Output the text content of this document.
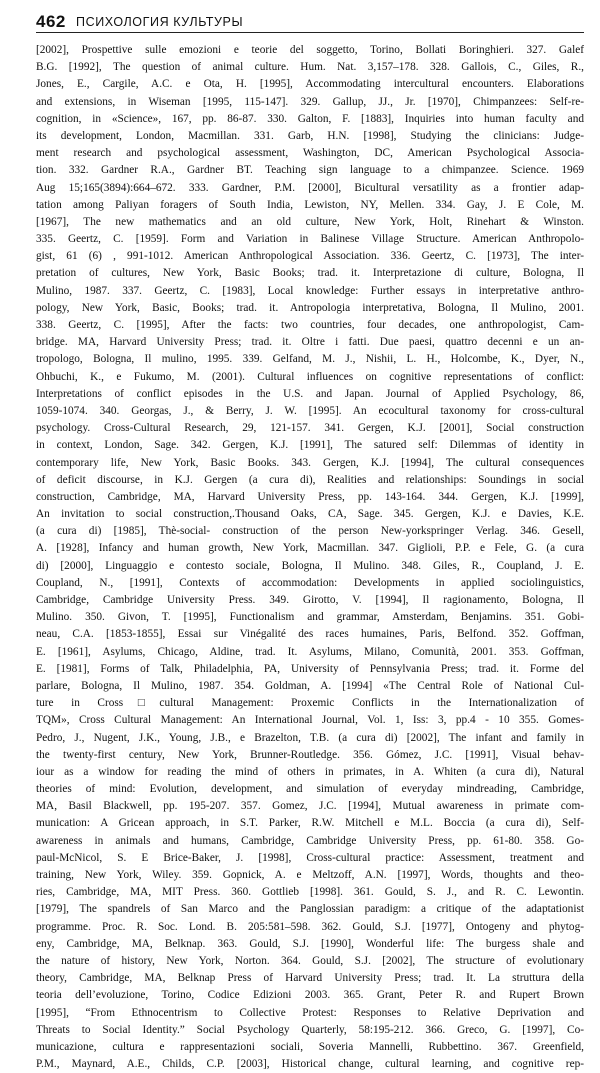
462 ПСИХОЛОГИЯ КУЛЬТУРЫ
[2002], Prospettive sulle emozioni e teorie del soggetto, Torino, Bollati Boringhieri. 327. Galef
B.G. [1992], The question of animal culture. Hum. Nat. 3,157–178. 328. Gallois, C., Giles, R.,
Jones, E., Cargile, A.C. e Ota, H. [1995], Accommodating intercultural encounters. Elaborations
and extensions, in Wiseman [1995, 115-147]. 329. Gallup, JJ., Jr. [1970], Chimpanzees: Self-re-
cognition, in «Science», 167, pp. 86-87. 330. Galton, F. [1883], Inquiries into human faculty and
its development, London, Macmillan. 331. Garb, H.N. [1998], Studying the clinicians: Judge-
ment research and psychological assessment, Washington, DC, American Psychological Associa-
tion. 332. Gardner R.A., Gardner BT. Teaching sign language to a chimpanzee. Science. 1969
Aug 15;165(3894):664–672. 333. Gardner, P.M. [2000], Bicultural versatility as a frontier adap-
tation among Paliyan foragers of South India, Lewiston, NY, Mellen. 334. Gay, J. E Cole, M.
[1967], The new mathematics and an old culture, New York, Holt, Rinehart & Winston.
335. Geertz, C. [1959]. Form and Variation in Balinese Village Structure. American Anthropolo-
gist, 61 (6) , 991-1012. American Anthropological Association. 336. Geertz, C. [1973], The inter-
pretation of cultures, New York, Basic Books; trad. it. Interpretazione di culture, Bologna, Il
Mulino, 1987. 337. Geertz, C. [1983], Local knowledge: Further essays in interpretative anthro-
pology, New York, Basic, Books; trad. it. Antropologia interpretativa, Bologna, Il Mulino, 2001.
338. Geertz, C. [1995], After the facts: two countries, four decades, one anthropologist, Cam-
bridge. MA, Harvard University Press; trad. it. Oltre i fatti. Due paesi, quattro decenni e un an-
tropologo, Bologna, Il mulino, 1995. 339. Gelfand, M. J., Nishii, L. H., Holcombe, K., Dyer, N.,
Ohbuchi, K., e Fukumo, M. (2001). Cultural influences on cognitive representations of conflict:
Interpretations of conflict episodes in the U.S. and Japan. Journal of Applied Psychology, 86,
1059-1074. 340. Georgas, J., & Berry, J. W. [1995]. An ecocultural taxonomy for cross-cultural
psychology. Cross-Cultural Research, 29, 121-157. 341. Gergen, K.J. [2001], Social construction
in context, London, Sage. 342. Gergen, K.J. [1991], The satured self: Dilemmas of identity in
contemporary life, New York, Basic Books. 343. Gergen, K.J. [1994], The cultural consequences
of deficit discourse, in K.J. Gergen (a cura di), Realities and relationships: Soundings in social
construction, Cambridge, MA, Harvard University Press, pp. 143-164. 344. Gergen, K.J. [1999],
An invitation to social construction,.Thousand Oaks, CA, Sage. 345. Gergen, K.J. e Davies, K.E.
(a cura di) [1985], Thè-social- construction of the person New-yorkspringer Verlag. 346. Gesell,
A. [1928], Infancy and human growth, New York, Macmillan. 347. Giglioli, P.P. e Fele, G. (a cura
di) [2000], Linguaggio e contesto sociale, Bologna, Il Mulino. 348. Giles, R., Coupland, J. E.
Coupland, N., [1991], Contexts of accommodation: Developments in applied sociolinguistics,
Cambridge, Cambridge University Press. 349. Girotto, V. [1994], Il ragionamento, Bologna, Il
Mulino. 350. Givon, T. [1995], Functionalism and grammar, Amsterdam, Benjamins. 351. Gobi-
neau, C.A. [1853-1855], Essai sur Vinégalité des races humaines, Paris, Belfond. 352. Goffman,
E. [1961], Asylums, Chicago, Aldine, trad. It. Asylums, Milano, Comunità, 2001. 353. Goffman,
E. [1981], Forms of Talk, Philadelphia, PA, University of Pennsylvania Press; trad. it. Forme del
parlare, Bologna, Il Mulino, 1987. 354. Goldman, A. [1994] «The Central Role of National Cul-
ture in Cross□cultural Management: Proxemic Conflicts in the Internationalization of
TQM», Cross Cultural Management: An International Journal, Vol. 1, Iss: 3, pp.4 - 10 355. Gomes-
Pedro, J., Nugent, J.K., Young, J.B., e Brazelton, T.B. (a cura di) [2002], The infant and family in
the twenty-first century, New York, Brunner-Routledge. 356. Gómez, J.C. [1991], Visual behav-
iour as a window for reading the mind of others in primates, in A. Whiten (a cura di), Natural
theories of mind: Evolution, development, and simulation of everyday mindreading, Cambridge,
MA, Basil Blackwell, pp. 195-207. 357. Gomez, J.C. [1994], Mutual awareness in primate com-
munication: A Gricean approach, in S.T. Parker, R.W. Mitchell e M.L. Boccia (a cura di), Self-
awareness in animals and humans, Cambridge, Cambridge University Press, pp. 61-80. 358. Go-
paul-McNicol, S. E Brice-Baker, J. [1998], Cross-cultural practice: Assessment, treatment and
training, New York, Wiley. 359. Gopnick, A. e Meltzoff, A.N. [1997], Words, thoughts and theo-
ries, Cambridge, MA, MIT Press. 360. Gottlieb [1998]. 361. Gould, S. J., and R. C. Lewontin.
[1979], The spandrels of San Marco and the Panglossian paradigm: a critique of the adaptationist
programme. Proc. R. Soc. Lond. B. 205:581–598. 362. Gould, S.J. [1977], Ontogeny and phytog-
eny, Cambridge, MA, Belknap. 363. Gould, S.J. [1990], Wonderful life: The burgess shale and
the nature of history, New York, Norton. 364. Gould, S.J. [2002], The structure of evolutionary
theory, Cambridge, MA, Belknap Press of Harvard University Press; trad. It. La struttura della
teoria dell’evoluzione, Torino, Codice Edizioni 2003. 365. Grant, Peter R. and Rupert Brown
[1995], “From Ethnocentrism to Collective Protest: Responses to Relative Deprivation and
Threats to Social Identity.” Social Psychology Quarterly, 58:195-212. 366. Greco, G. [1997], Co-
municazione, cultura e rappresentazioni sociali, Soveria Mannelli, Rubbettino. 367. Greenfield,
P.M., Maynard, A.E., Childs, C.P. [2003], Historical change, cultural learning, and cognitive rep-
